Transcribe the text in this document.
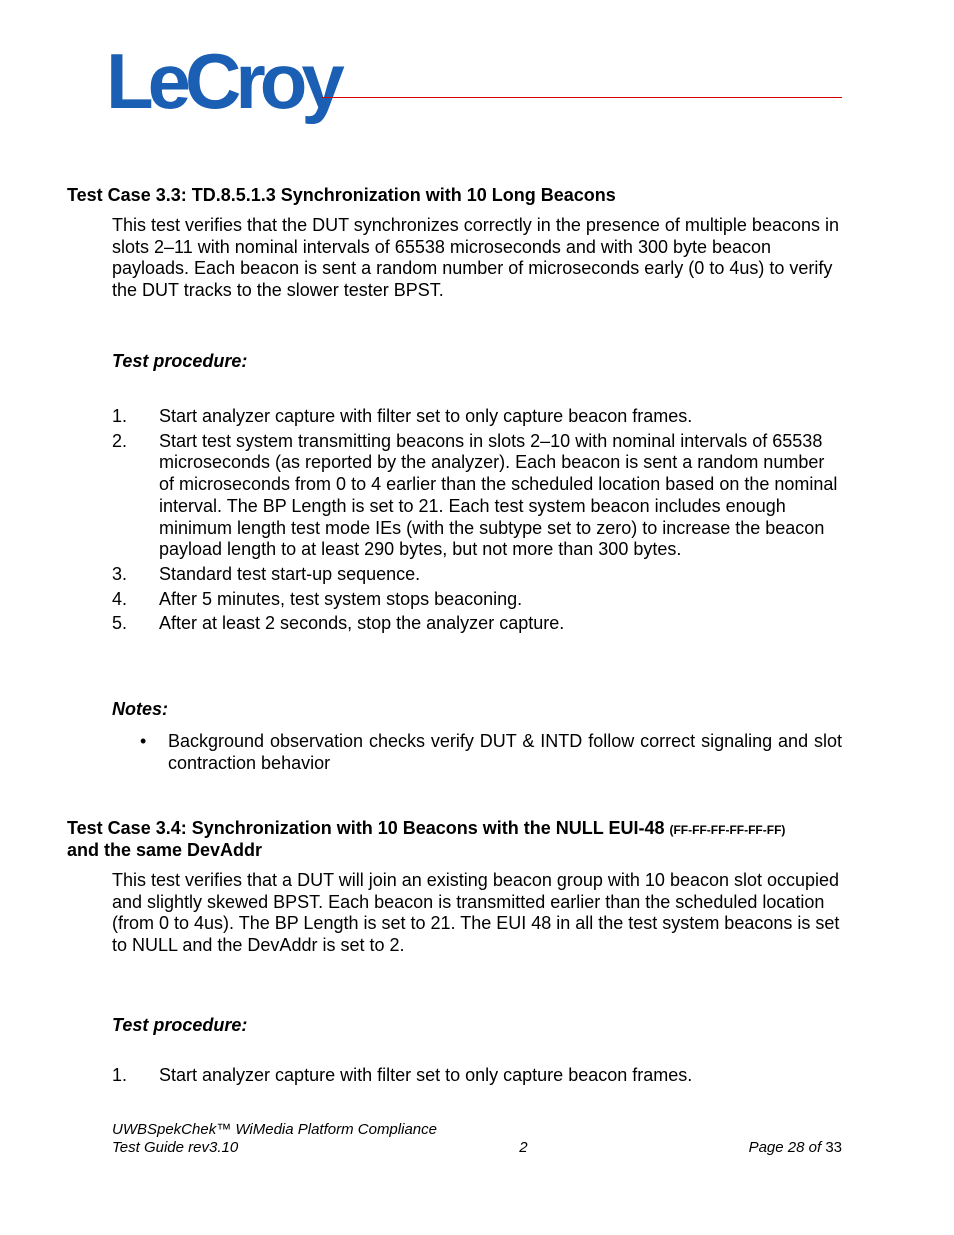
LeCroy
Test Case 3.3: TD.8.5.1.3 Synchronization with 10 Long Beacons
This test verifies that the DUT synchronizes correctly in the presence of multiple beacons in slots 2–11 with nominal intervals of 65538 microseconds and with 300 byte beacon payloads. Each beacon is sent a random number of microseconds early (0 to 4us) to verify the DUT tracks to the slower tester BPST.
Test procedure:
1.	Start analyzer capture with filter set to only capture beacon frames.
2.	Start test system transmitting beacons in slots 2–10 with nominal intervals of 65538 microseconds (as reported by the analyzer). Each beacon is sent a random number of microseconds from 0 to 4 earlier than the scheduled location based on the nominal interval. The BP Length is set to 21. Each test system beacon includes enough minimum length test mode IEs (with the subtype set to zero) to increase the beacon payload length to at least 290 bytes, but not more than 300 bytes.
3.	Standard test start-up sequence.
4.	After 5 minutes, test system stops beaconing.
5.	After at least 2 seconds, stop the analyzer capture.
Notes:
•	Background observation checks verify DUT & INTD follow correct signaling and slot contraction behavior
Test Case 3.4: Synchronization with 10 Beacons with the NULL EUI-48 (FF-FF-FF-FF-FF-FF)
and the same DevAddr
This test verifies that a DUT will join an existing beacon group with 10 beacon slot occupied and slightly skewed BPST. Each beacon is transmitted earlier than the scheduled location (from 0 to 4us). The BP Length is set to 21. The EUI 48 in all the test system beacons is set to NULL and the DevAddr is set to 2.
Test procedure:
1.	Start analyzer capture with filter set to only capture beacon frames.
UWBSpekChek™ WiMedia Platform Compliance
Test Guide rev3.10	2	Page 28 of 33
